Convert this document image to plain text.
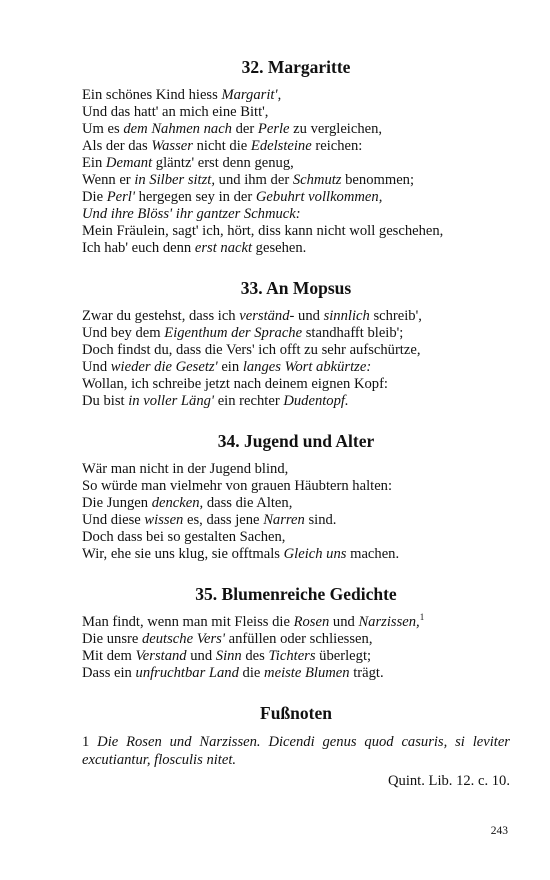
32. Margaritte
Ein schönes Kind hiess Margarit',
Und das hatt' an mich eine Bitt',
Um es dem Nahmen nach der Perle zu vergleichen,
Als der das Wasser nicht die Edelsteine reichen:
Ein Demant gläntz' erst denn genug,
Wenn er in Silber sitzt, und ihm der Schmutz benommen;
Die Perl' hergegen sey in der Gebuhrt vollkommen,
Und ihre Blöss' ihr gantzer Schmuck:
Mein Fräulein, sagt' ich, hört, diss kann nicht woll geschehen,
Ich hab' euch denn erst nackt gesehen.
33. An Mopsus
Zwar du gestehst, dass ich verständ- und sinnlich schreib',
Und bey dem Eigenthum der Sprache standhafft bleib';
Doch findst du, dass die Vers' ich offt zu sehr aufschürtze,
Und wieder die Gesetz' ein langes Wort abkürtze:
Wollan, ich schreibe jetzt nach deinem eignen Kopf:
Du bist in voller Läng' ein rechter Dudentopf.
34. Jugend und Alter
Wär man nicht in der Jugend blind,
So würde man vielmehr von grauen Häubtern halten:
Die Jungen dencken, dass die Alten,
Und diese wissen es, dass jene Narren sind.
Doch dass bei so gestalten Sachen,
Wir, ehe sie uns klug, sie offtmals Gleich uns machen.
35. Blumenreiche Gedichte
Man findt, wenn man mit Fleiss die Rosen und Narzissen,$^1$
Die unsre deutsche Vers' anfüllen oder schliessen,
Mit dem Verstand und Sinn des Tichters überlegt;
Dass ein unfruchtbar Land die meiste Blumen trägt.
Fußnoten
1 Die Rosen und Narzissen. Dicendi genus quod casuris, si leviter excutiantur, flosculis nitet.
Quint. Lib. 12. c. 10.
243
